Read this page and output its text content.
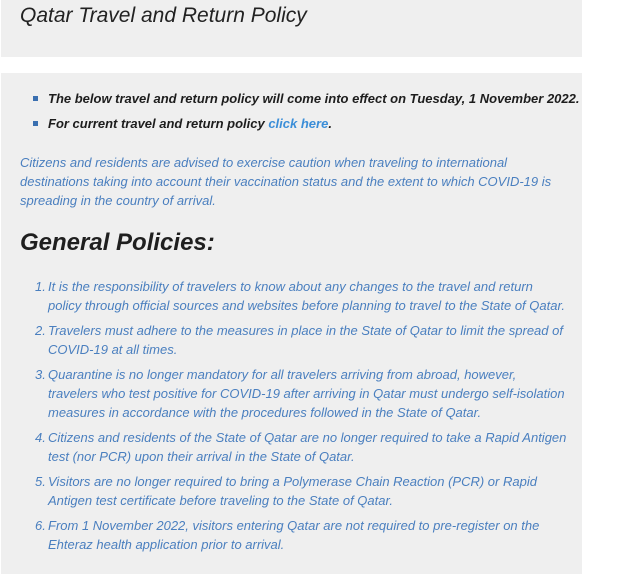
Qatar Travel and Return Policy
The below travel and return policy will come into effect on Tuesday, 1 November 2022.
For current travel and return policy click here.

Citizens and residents are advised to exercise caution when traveling to international destinations taking into account their vaccination status and the extent to which COVID-19 is spreading in the country of arrival.

General Policies:
1. It is the responsibility of travelers to know about any changes to the travel and return policy through official sources and websites before planning to travel to the State of Qatar.
2. Travelers must adhere to the measures in place in the State of Qatar to limit the spread of COVID-19 at all times.
3. Quarantine is no longer mandatory for all travelers arriving from abroad, however, travelers who test positive for COVID-19 after arriving in Qatar must undergo self-isolation measures in accordance with the procedures followed in the State of Qatar.
4. Citizens and residents of the State of Qatar are no longer required to take a Rapid Antigen test (nor PCR) upon their arrival in the State of Qatar.
5. Visitors are no longer required to bring a Polymerase Chain Reaction (PCR) or Rapid Antigen test certificate before traveling to the State of Qatar.
6. From 1 November 2022, visitors entering Qatar are not required to pre-register on the Ehteraz health application prior to arrival.
